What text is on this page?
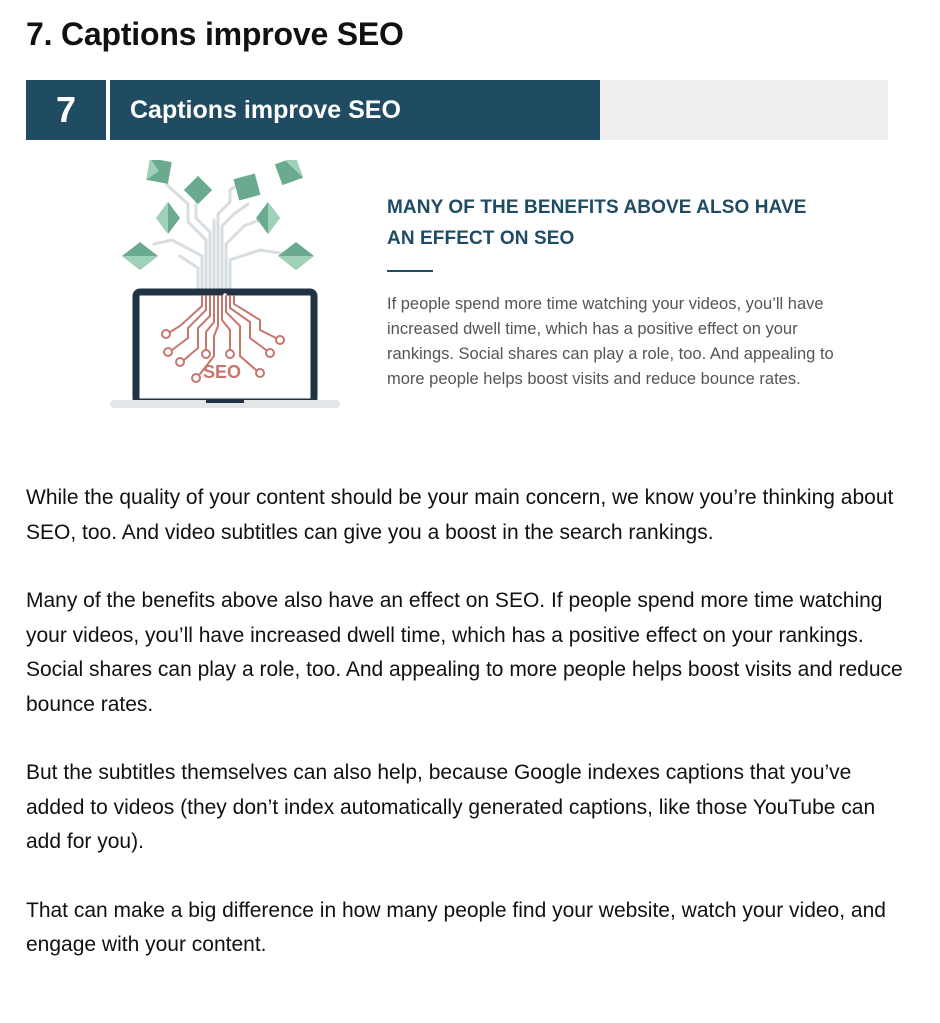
7. Captions improve SEO
7	Captions improve SEO
SEO
MANY OF THE BENEFITS ABOVE ALSO HAVE AN EFFECT ON SEO

If people spend more time watching your videos, you’ll have increased dwell time, which has a positive effect on your rankings. Social shares can play a role, too. And appealing to more people helps boost visits and reduce bounce rates.

While the quality of your content should be your main concern, we know you’re thinking about SEO, too. And video subtitles can give you a boost in the search rankings.

Many of the benefits above also have an effect on SEO. If people spend more time watching your videos, you’ll have increased dwell time, which has a positive effect on your rankings. Social shares can play a role, too. And appealing to more people helps boost visits and reduce bounce rates.

But the subtitles themselves can also help, because Google indexes captions that you’ve added to videos (they don’t index automatically generated captions, like those YouTube can add for you).

That can make a big difference in how many people find your website, watch your video, and engage with your content.
